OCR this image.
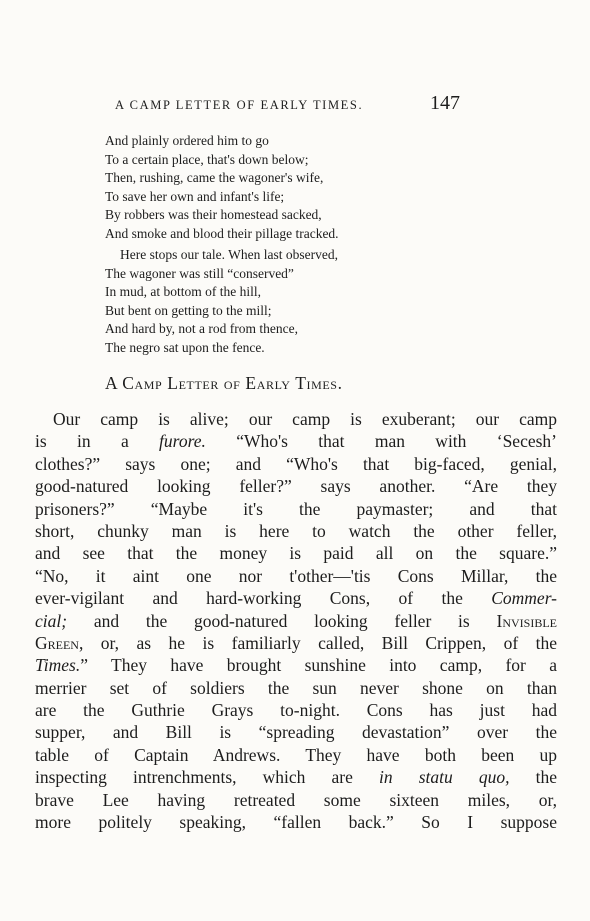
A CAMP LETTER OF EARLY TIMES.	147
And plainly ordered him to go
To a certain place, that's down below;
Then, rushing, came the wagoner's wife,
To save her own and infant's life;
By robbers was their homestead sacked,
And smoke and blood their pillage tracked.
Here stops our tale. When last observed,
The wagoner was still “conserved”
In mud, at bottom of the hill,
But bent on getting to the mill;
And hard by, not a rod from thence,
The negro sat upon the fence.
A Camp Letter of Early Times.
Our camp is alive; our camp is exuberant; our camp
is in a furore. “Who's that man with ‘Secesh’
clothes?” says one; and “Who's that big-faced, genial,
good-natured looking feller?” says another. “Are they
prisoners?” “Maybe it's the paymaster; and that
short, chunky man is here to watch the other feller,
and see that the money is paid all on the square.”
“No, it aint one nor t'other—'tis Cons Millar, the
ever-vigilant and hard-working Cons, of the Commer-
cial; and the good-natured looking feller is Invisible
Green, or, as he is familiarly called, Bill Crippen, of the
Times.” They have brought sunshine into camp, for a
merrier set of soldiers the sun never shone on than
are the Guthrie Grays to-night. Cons has just had
supper, and Bill is “spreading devastation” over the
table of Captain Andrews. They have both been up
inspecting intrenchments, which are in statu quo, the
brave Lee having retreated some sixteen miles, or,
more politely speaking, “fallen back.” So I suppose
